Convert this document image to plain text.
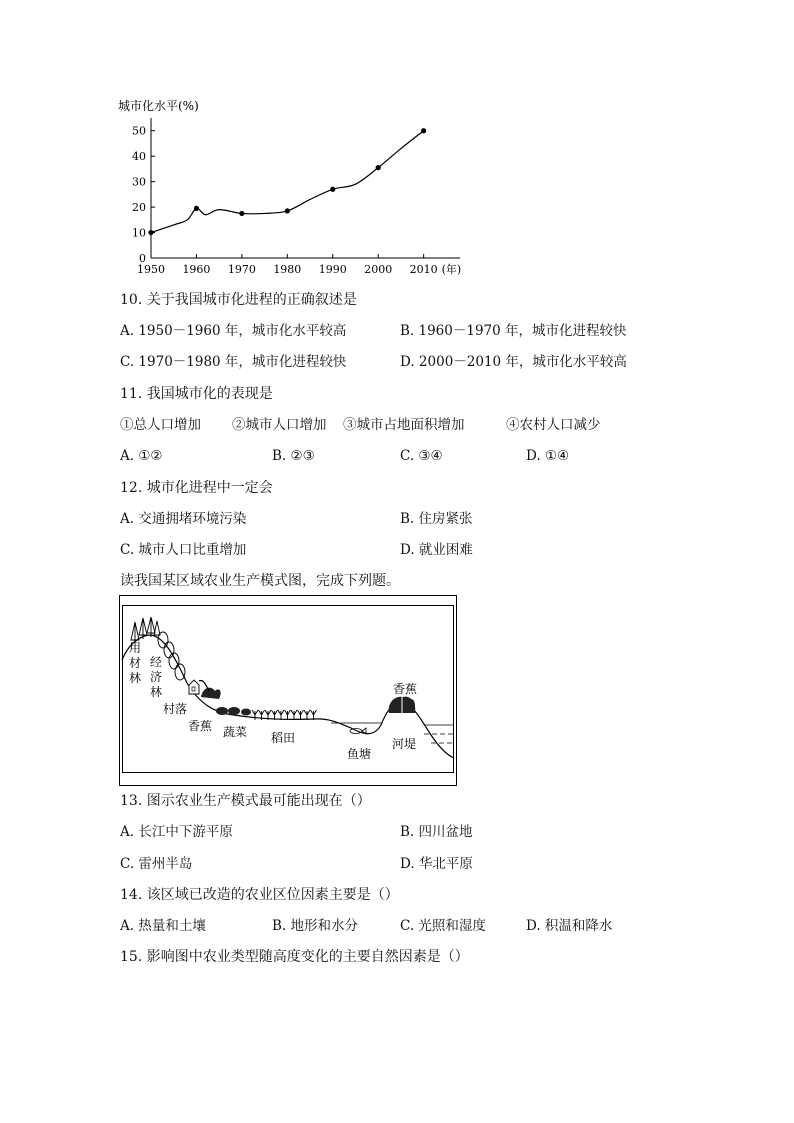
城市化水平(%)
0
10
20
30
40
50
1950 1960 1970 1980 1990 2000 2010 (年)
10. 关于我国城市化进程的正确叙述是
A. 1950－1960 年，城市化水平较高	B. 1960－1970 年，城市化进程较快
C. 1970－1980 年，城市化进程较快	D. 2000－2010 年，城市化水平较高
11. 我国城市化的表现是
①总人口增加 ②城市人口增加 ③城市占地面积增加	④农村人口减少
A. ①②	B. ②③	C. ③④	D. ①④
12. 城市化进程中一定会
A. 交通拥堵环境污染	B. 住房紧张
C. 城市人口比重增加	D. 就业困难
读我国某区域农业生产模式图，完成下列题。
用
材
林
经
济
林
村落
香蕉 蔬菜 稻田
鱼塘
香蕉
河堤
13. 图示农业生产模式最可能出现在（）
A. 长江中下游平原	B. 四川盆地
C. 雷州半岛	D. 华北平原
14. 该区域已改造的农业区位因素主要是（）
A. 热量和土壤	B. 地形和水分	C. 光照和湿度	D. 积温和降水
15. 影响图中农业类型随高度变化的主要自然因素是（）
